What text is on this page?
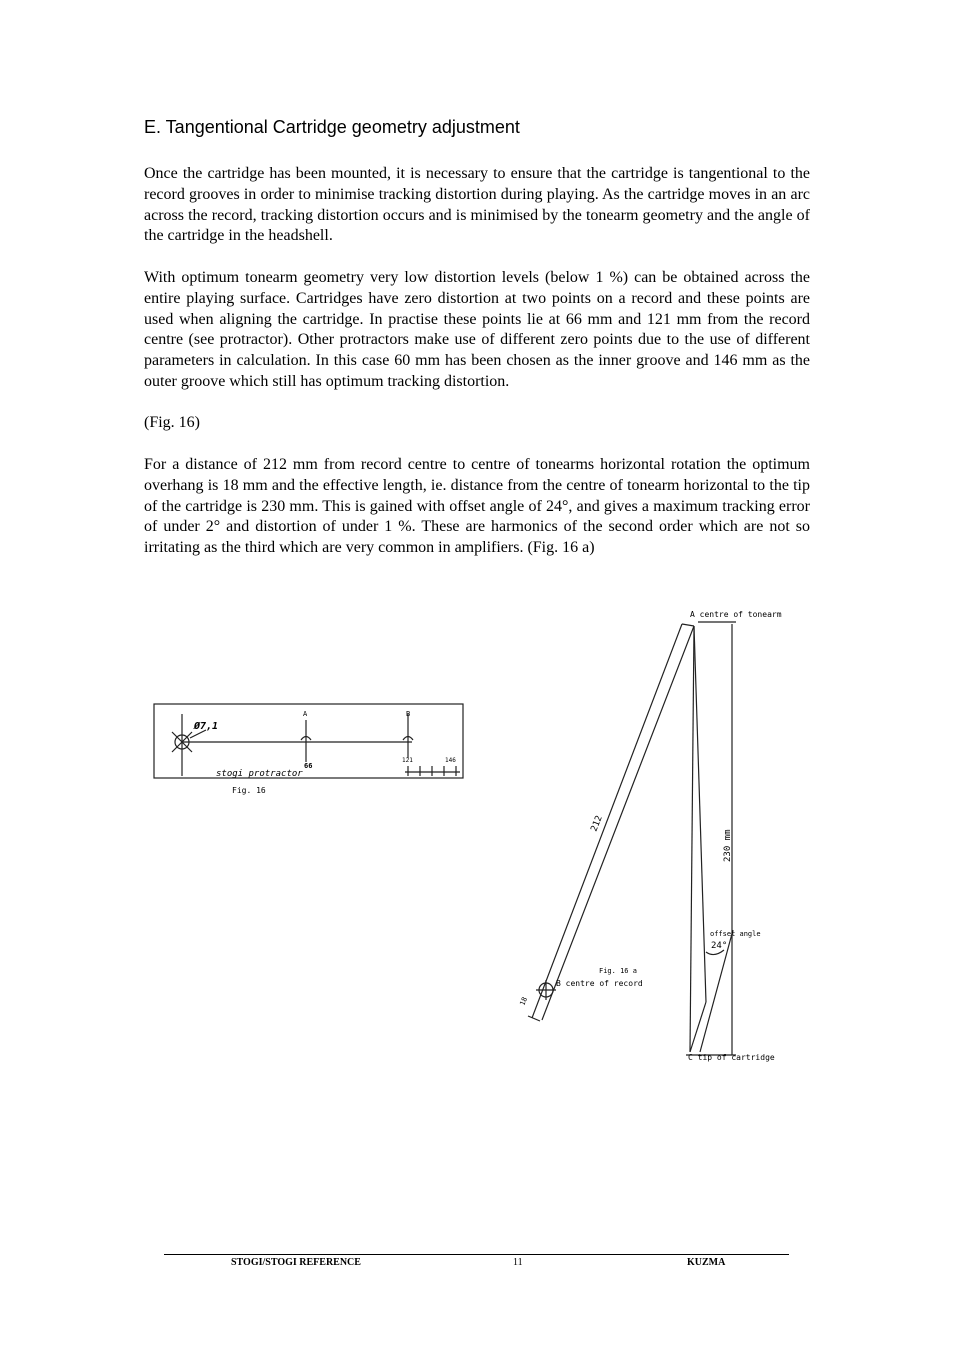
E. Tangentional Cartridge geometry adjustment

Once the cartridge has been mounted, it is necessary to ensure that the cartridge is tangentional to the record grooves in order to minimise tracking distortion during playing. As the cartridge moves in an arc across the record, tracking distortion occurs and is minimised by the tonearm geometry and the angle of the cartridge in the headshell.

With optimum tonearm geometry very low distortion levels (below 1 %) can be obtained across the entire playing surface. Cartridges have zero distortion at two points on a record and these points are used when aligning the cartridge. In practise these points lie at 66 mm and 121 mm from the record centre (see protractor). Other protractors make use of different zero points due to the use of different parameters in calculation. In this case 60 mm has been chosen as the inner groove and 146 mm as the outer groove which still has optimum tracking distortion.

(Fig. 16)

For a distance of 212 mm from record centre to centre of tonearms horizontal rotation the optimum overhang is 18 mm and the effective length, ie. distance from the centre of tonearm horizontal to the tip of the cartridge is 230 mm. This is gained with offset angle of 24°, and gives a maximum tracking error of under 2° and distortion of under 1 %. These are harmonics of the second order which are not so irritating as the third which are very common in amplifiers. (Fig. 16 a)

Ø7,1
A
66
B
121	146
stogi protractor
Fig. 16
A centre of tonearm
212
230 mm
offset angle
24°
Fig. 16 a
B centre of record
18
C tip of cartridge
STOGI/STOGI REFERENCE	11	KUZMA
